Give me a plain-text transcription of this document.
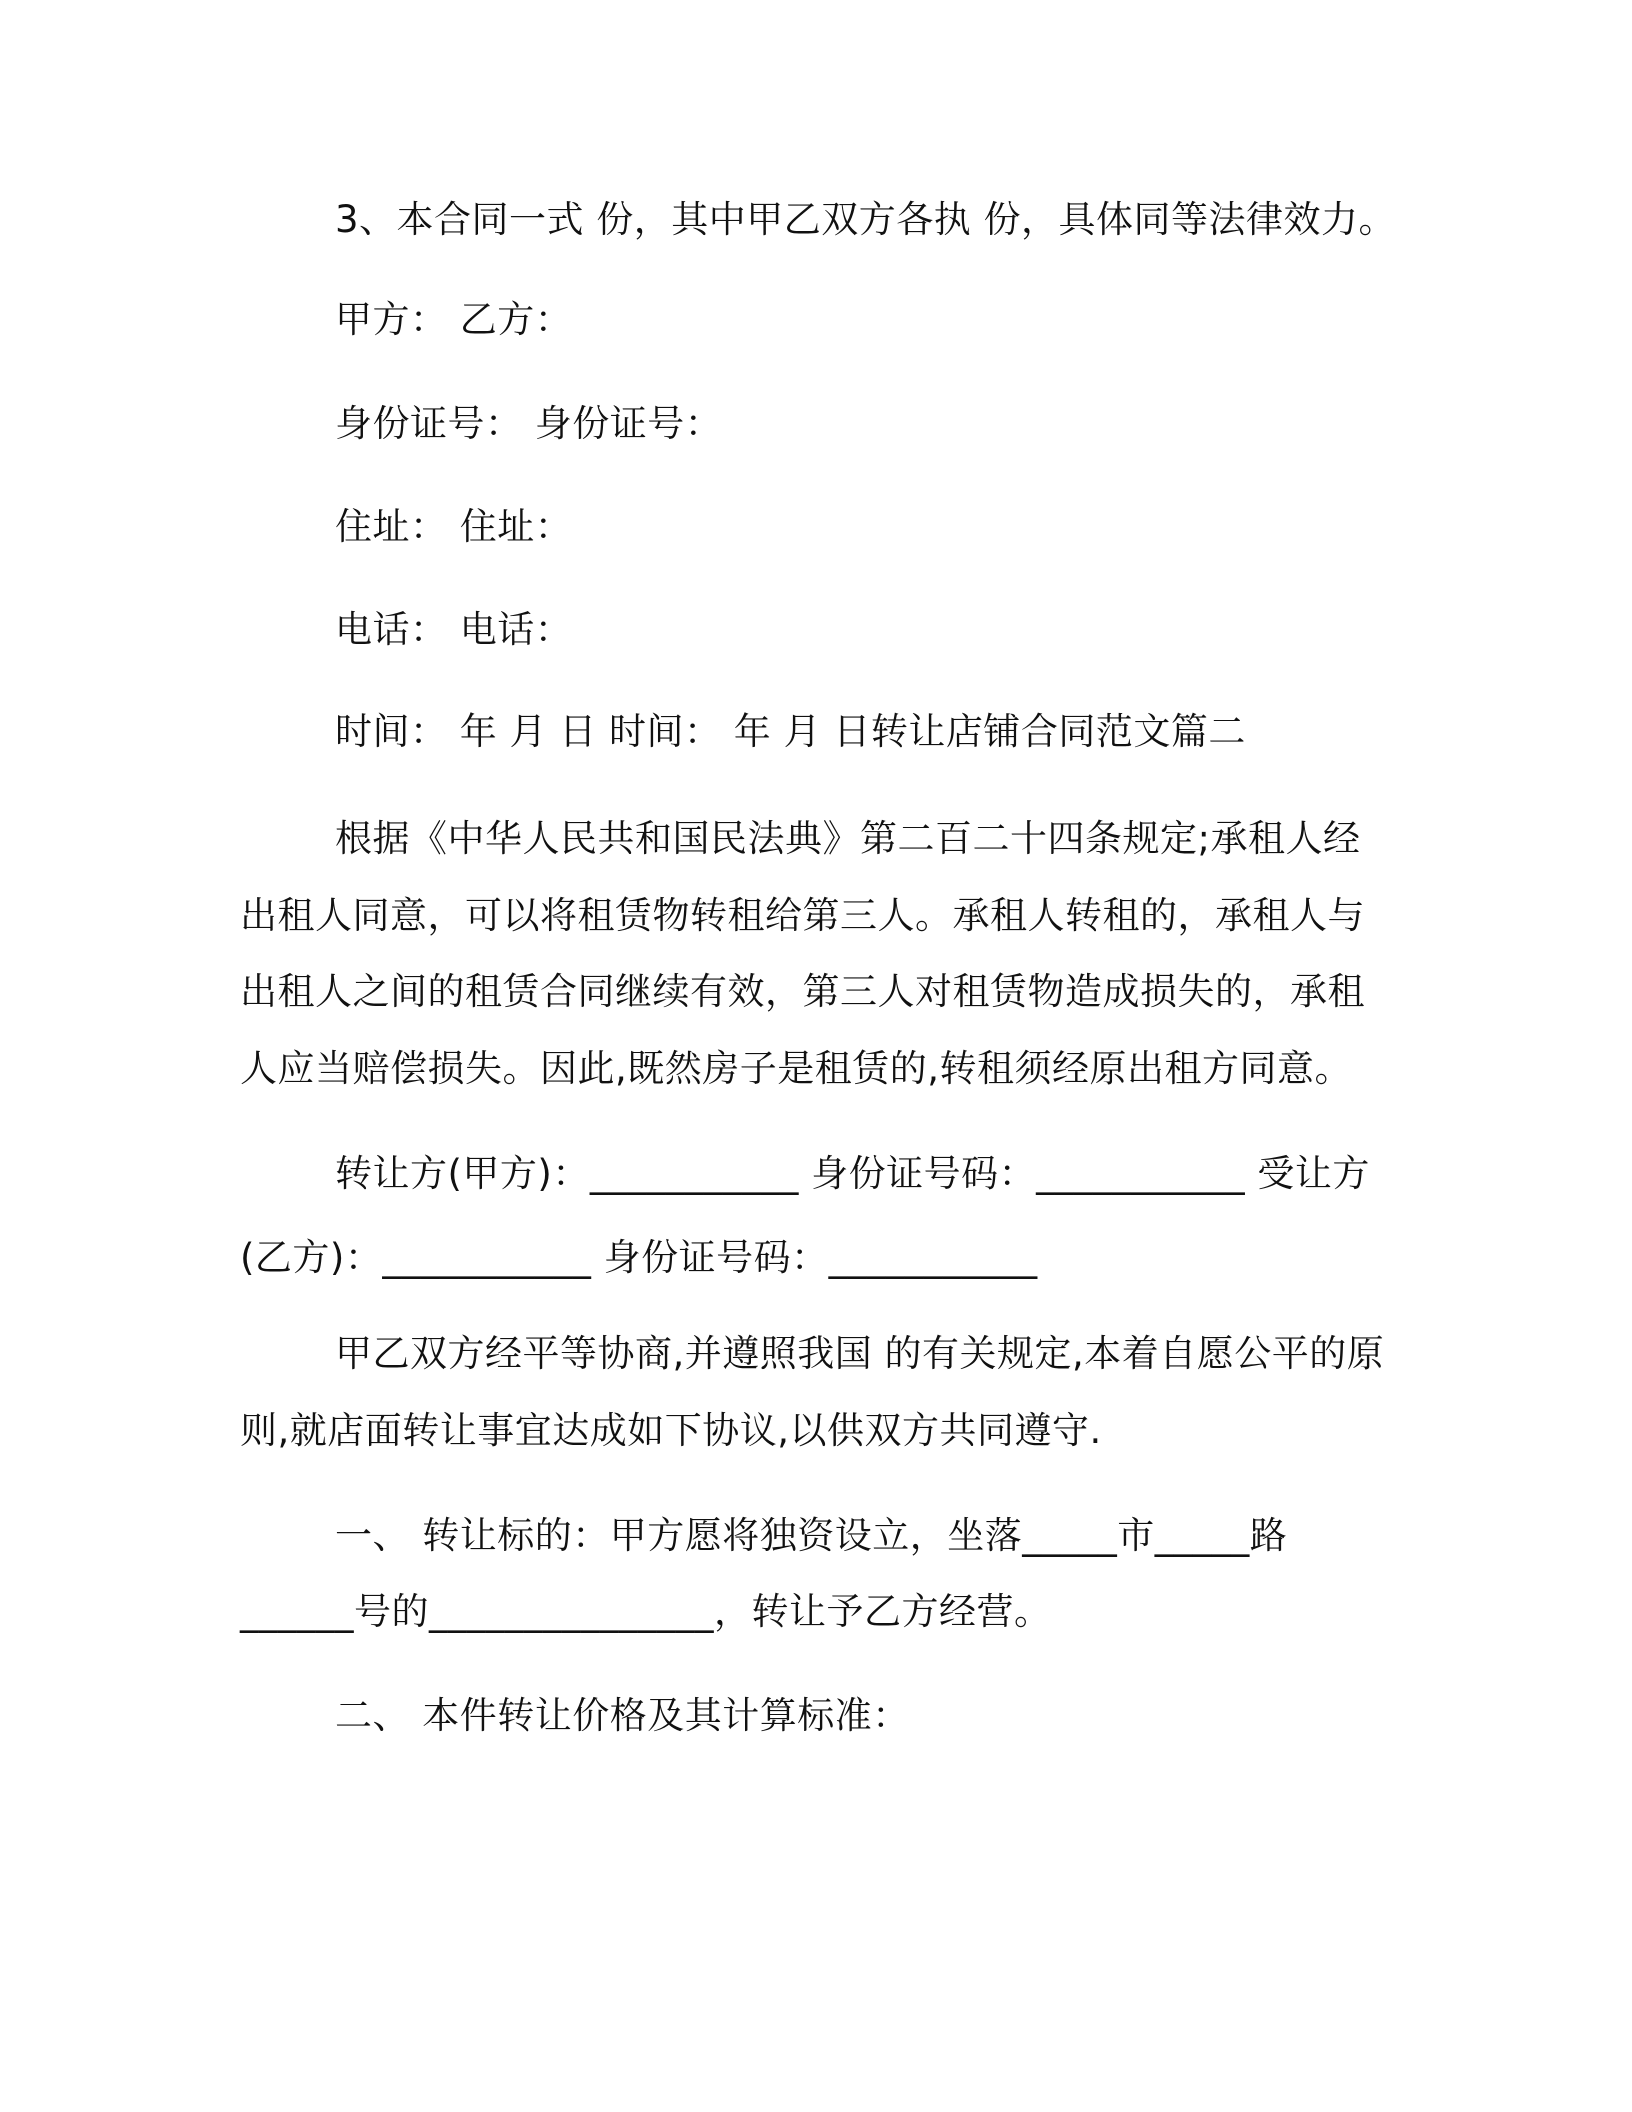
3、本合同一式 份，其中甲乙双方各执 份，具体同等法律效力。
甲方： 乙方：
身份证号： 身份证号：
住址： 住址：
电话： 电话：
时间： 年 月 日 时间： 年 月 日转让店铺合同范文篇二
根据《中华人民共和国民法典》第二百二十四条规定;承租人经
出租人同意，可以将租赁物转租给第三人。承租人转租的，承租人与
出租人之间的租赁合同继续有效，第三人对租赁物造成损失的，承租
人应当赔偿损失。因此,既然房子是租赁的,转租须经原出租方同意。
转让方(甲方)：___________ 身份证号码：___________ 受让方
(乙方)：___________ 身份证号码：___________
甲乙双方经平等协商,并遵照我国 的有关规定,本着自愿公平的原
则,就店面转让事宜达成如下协议,以供双方共同遵守.
一、 转让标的：甲方愿将独资设立，坐落_____市_____路
______号的_______________，转让予乙方经营。
二、 本件转让价格及其计算标准：
